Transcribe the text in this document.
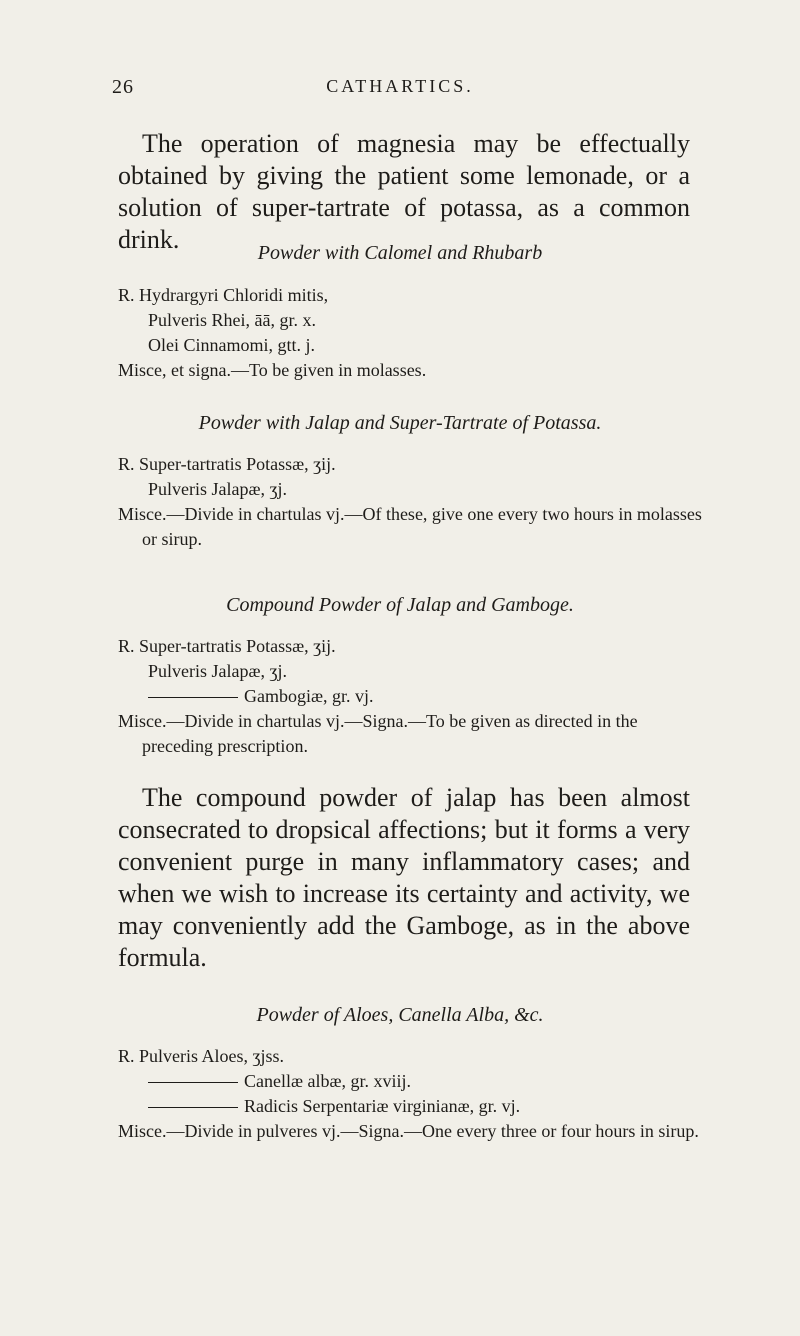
26	CATHARTICS.

The operation of magnesia may be effectually obtained by giving the patient some lemonade, or a solution of super-tartrate of potassa, as a common drink.	Powder with Calomel and Rhubarb

R. Hydrargyri Chloridi mitis,

Pulveris Rhei, āā, gr. x.

Olei Cinnamomi, gtt. j.

Misce, et signa.—To be given in molasses.

Powder with Jalap and Super-Tartrate of Potassa.

R. Super-tartratis Potassæ, ʒij.

Pulveris Jalapæ, ʒj.

Misce.—Divide in chartulas vj.—Of these, give one every two hours in molasses or sirup.

Compound Powder of Jalap and Gamboge.

R. Super-tartratis Potassæ, ʒij.

Pulveris Jalapæ, ʒj.

Gambogiæ, gr. vj.

Misce.—Divide in chartulas vj.—Signa.—To be given as directed in the preceding prescription.

The compound powder of jalap has been almost consecrated to dropsical affections; but it forms a very convenient purge in many inflammatory cases; and when we wish to increase its certainty and activity, we may conveniently add the Gamboge, as in the above formula.

Powder of Aloes, Canella Alba, &c.

R. Pulveris Aloes, ʒjss.

Canellæ albæ, gr. xviij.

Radicis Serpentariæ virginianæ, gr. vj.

Misce.—Divide in pulveres vj.—Signa.—One every three or four hours in sirup.
